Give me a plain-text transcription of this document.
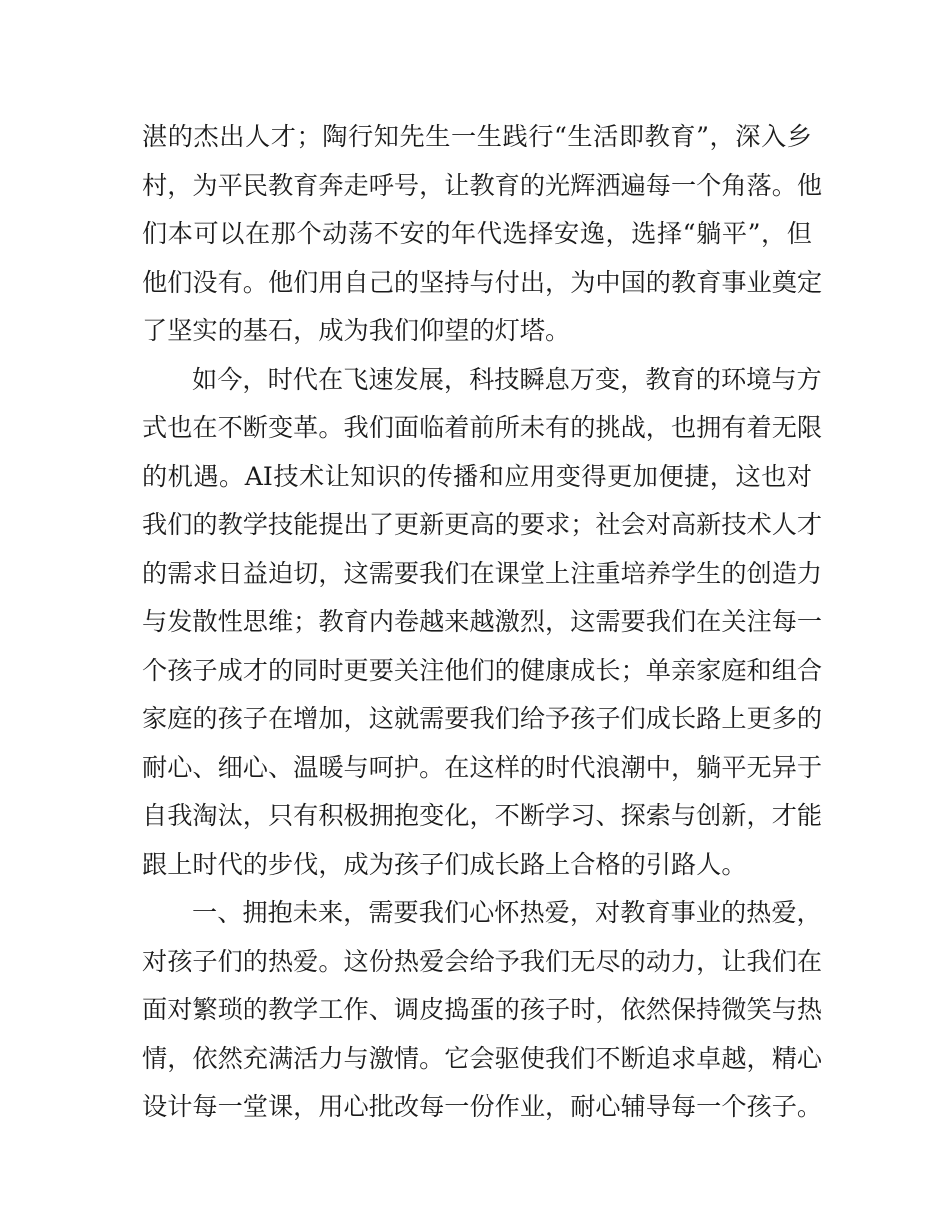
湛的杰出人才；陶行知先生一生践行“生活即教育”，深入乡
村，为平民教育奔走呼号，让教育的光辉洒遍每一个角落。他
们本可以在那个动荡不安的年代选择安逸，选择“躺平”，但
他们没有。他们用自己的坚持与付出，为中国的教育事业奠定
了坚实的基石，成为我们仰望的灯塔。
如今，时代在飞速发展，科技瞬息万变，教育的环境与方
式也在不断变革。我们面临着前所未有的挑战，也拥有着无限
的机遇。AI技术让知识的传播和应用变得更加便捷，这也对
我们的教学技能提出了更新更高的要求；社会对高新技术人才
的需求日益迫切，这需要我们在课堂上注重培养学生的创造力
与发散性思维；教育内卷越来越激烈，这需要我们在关注每一
个孩子成才的同时更要关注他们的健康成长；单亲家庭和组合
家庭的孩子在增加，这就需要我们给予孩子们成长路上更多的
耐心、细心、温暖与呵护。在这样的时代浪潮中，躺平无异于
自我淘汰，只有积极拥抱变化，不断学习、探索与创新，才能
跟上时代的步伐，成为孩子们成长路上合格的引路人。
一、拥抱未来，需要我们心怀热爱，对教育事业的热爱，
对孩子们的热爱。这份热爱会给予我们无尽的动力，让我们在
面对繁琐的教学工作、调皮捣蛋的孩子时，依然保持微笑与热
情，依然充满活力与激情。它会驱使我们不断追求卓越，精心
设计每一堂课，用心批改每一份作业，耐心辅导每一个孩子。
